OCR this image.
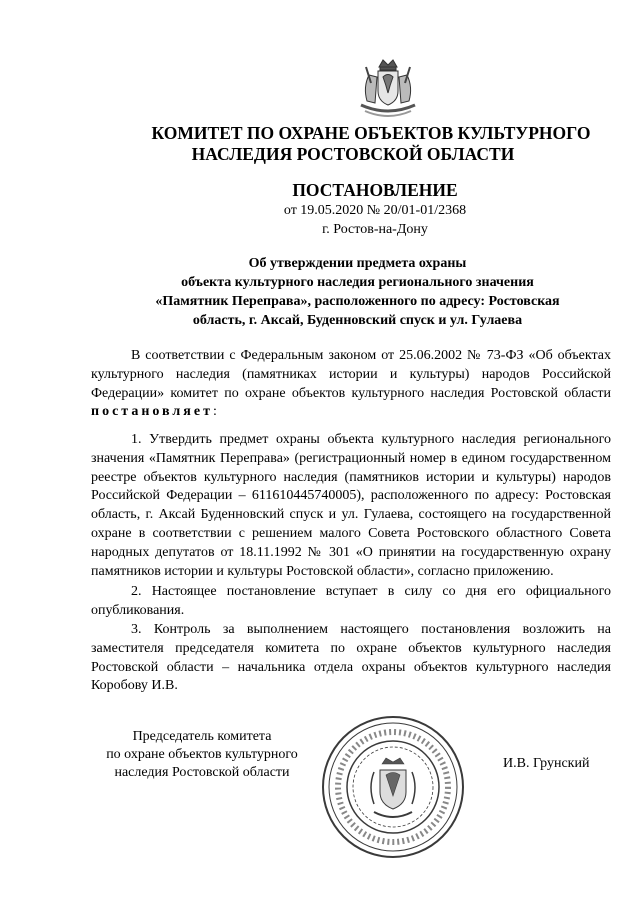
КОМИТЕТ ПО ОХРАНЕ ОБЪЕКТОВ КУЛЬТУРНОГО
НАСЛЕДИЯ РОСТОВСКОЙ ОБЛАСТИ
ПОСТАНОВЛЕНИЕ
от 19.05.2020 № 20/01-01/2368
г. Ростов-на-Дону
Об утверждении предмета охраны
объекта культурного наследия регионального значения
«Памятник Переправа», расположенного по адресу: Ростовская
область, г. Аксай, Буденновский спуск и ул. Гулаева
В соответствии с Федеральным законом от 25.06.2002 № 73-ФЗ «Об объектах культурного наследия (памятниках истории и культуры) народов Российской Федерации» комитет по охране объектов культурного наследия Ростовской области постановляет:
1. Утвердить предмет охраны объекта культурного наследия регионального значения «Памятник Переправа» (регистрационный номер в едином государственном реестре объектов культурного наследия (памятников истории и культуры) народов Российской Федерации – 611610445740005), расположенного по адресу: Ростовская область, г. Аксай Буденновский спуск и ул. Гулаева, состоящего на государственной охране в соответствии с решением малого Совета Ростовского областного Совета народных депутатов от 18.11.1992 № 301 «О принятии на государственную охрану памятников истории и культуры Ростовской области», согласно приложению.
2. Настоящее постановление вступает в силу со дня его официального опубликования.
3. Контроль за выполнением настоящего постановления возложить на заместителя председателя комитета по охране объектов культурного наследия Ростовской области – начальника отдела охраны объектов культурного наследия Коробову И.В.
Председатель комитета
по охране объектов культурного
наследия Ростовской области
И.В. Грунский
